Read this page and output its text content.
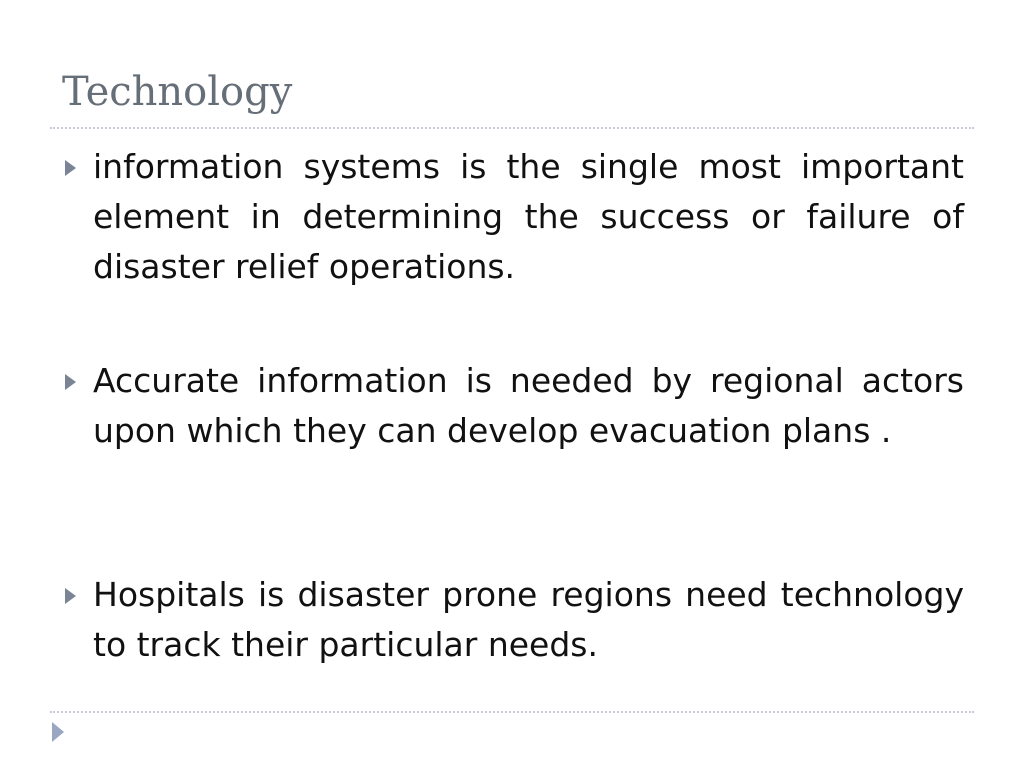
Technology

information systems is the single most important element in determining the success or failure of disaster relief operations.

Accurate information is needed by regional actors upon which they can develop evacuation plans .

Hospitals is disaster prone regions need technology to track their particular needs.
